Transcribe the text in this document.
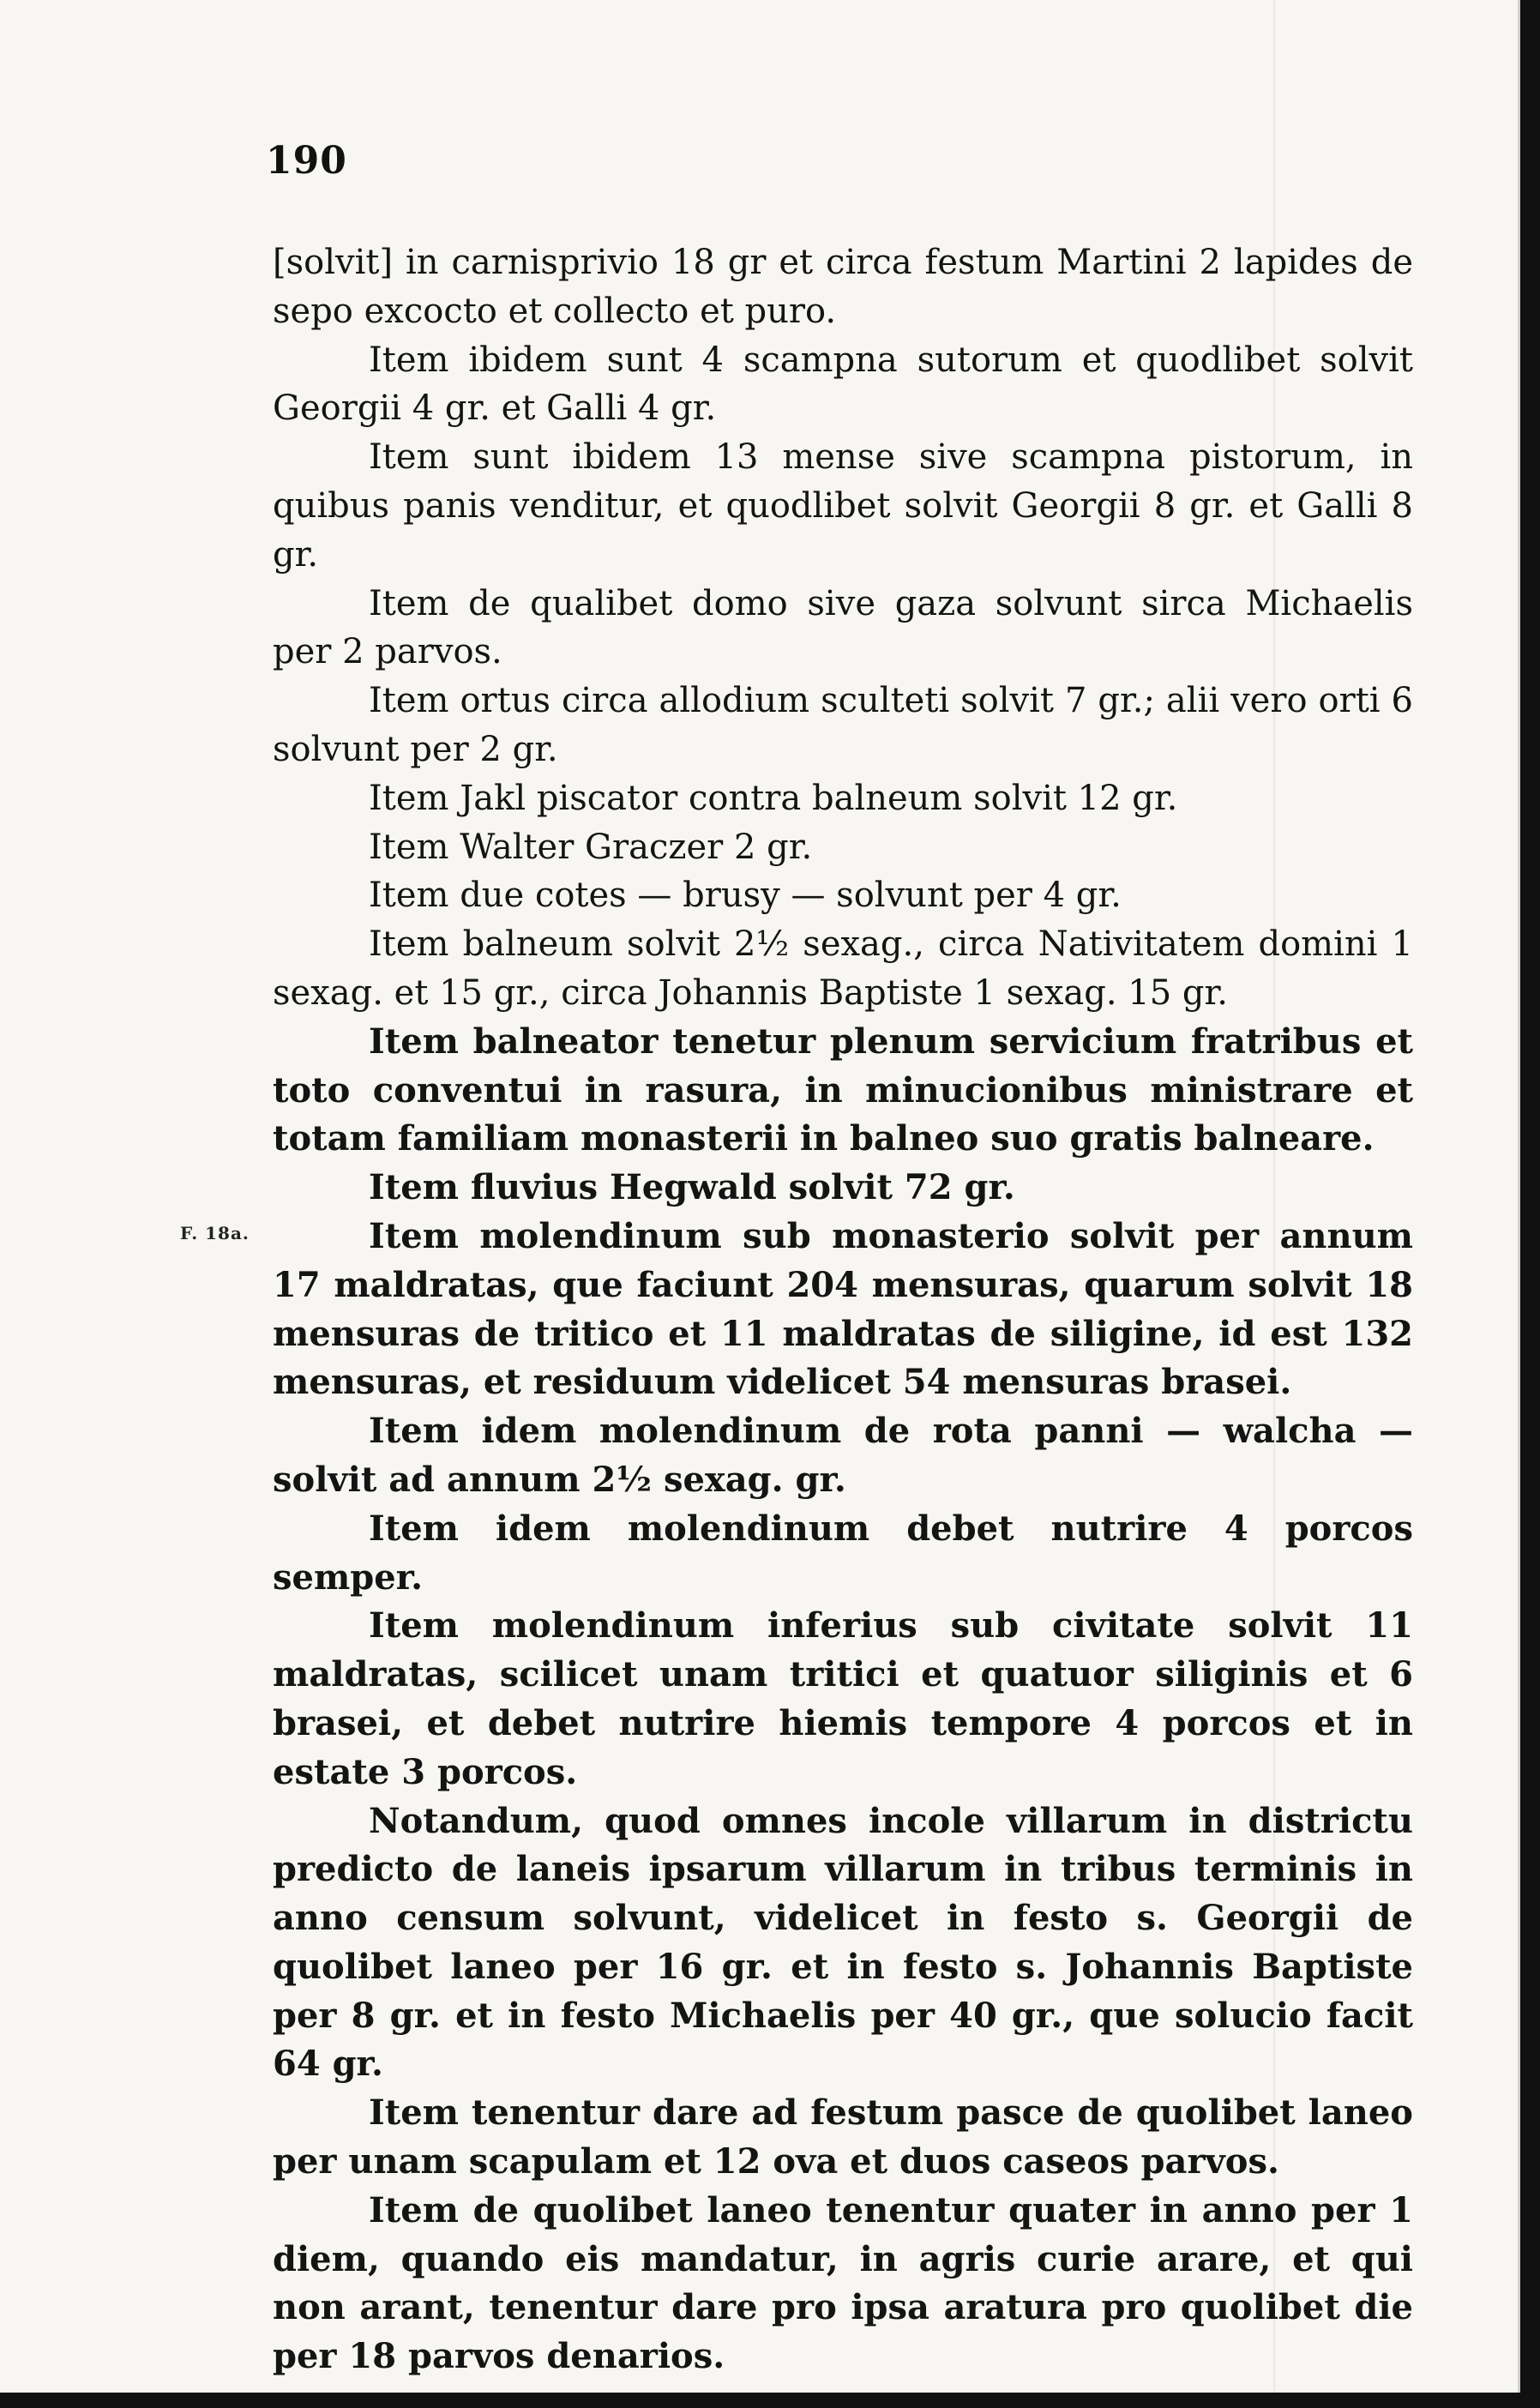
190
F. 18a.

[solvit] in carnisprivio 18 gr et circa festum Martini 2 lapides de sepo excocto et collecto et puro.

Item ibidem sunt 4 scampna sutorum et quodlibet solvit Georgii 4 gr. et Galli 4 gr.

Item sunt ibidem 13 mense sive scampna pistorum, in quibus panis venditur, et quodlibet solvit Georgii 8 gr. et Galli 8 gr.

Item de qualibet domo sive gaza solvunt sirca Michaelis per 2 parvos.

Item ortus circa allodium sculteti solvit 7 gr.; alii vero orti 6 solvunt per 2 gr.

Item Jakl piscator contra balneum solvit 12 gr.

Item Walter Graczer 2 gr.

Item due cotes — brusy — solvunt per 4 gr.

Item balneum solvit 2½ sexag., circa Nativitatem domini 1 sexag. et 15 gr., circa Johannis Baptiste 1 sexag. 15 gr.

Item balneator tenetur plenum servicium fratribus et toto conventui in rasura, in minucionibus ministrare et totam familiam monasterii in balneo suo gratis balneare.

Item fluvius Hegwald solvit 72 gr.

Item molendinum sub monasterio solvit per annum 17 maldratas, que faciunt 204 mensuras, quarum solvit 18 mensuras de tritico et 11 maldratas de siligine, id est 132 mensuras, et residuum videlicet 54 mensuras brasei.

Item idem molendinum de rota panni — walcha — solvit ad annum 2½ sexag. gr.

Item idem molendinum debet nutrire 4 porcos semper.

Item molendinum inferius sub civitate solvit 11 maldratas, scilicet unam tritici et quatuor siliginis et 6 brasei, et debet nutrire hiemis tempore 4 porcos et in estate 3 porcos.

Notandum, quod omnes incole villarum in districtu predicto de laneis ipsarum villarum in tribus terminis in anno censum solvunt, videlicet in festo s. Georgii de quolibet laneo per 16 gr. et in festo s. Johannis Baptiste per 8 gr. et in festo Michaelis per 40 gr., que solucio facit 64 gr.

Item tenentur dare ad festum pasce de quolibet laneo per unam scapulam et 12 ova et duos caseos parvos.

Item de quolibet laneo tenentur quater in anno per 1 diem, quando eis mandatur, in agris curie arare, et qui non arant, tenentur dare pro ipsa aratura pro quolibet die per 18 parvos denarios.
